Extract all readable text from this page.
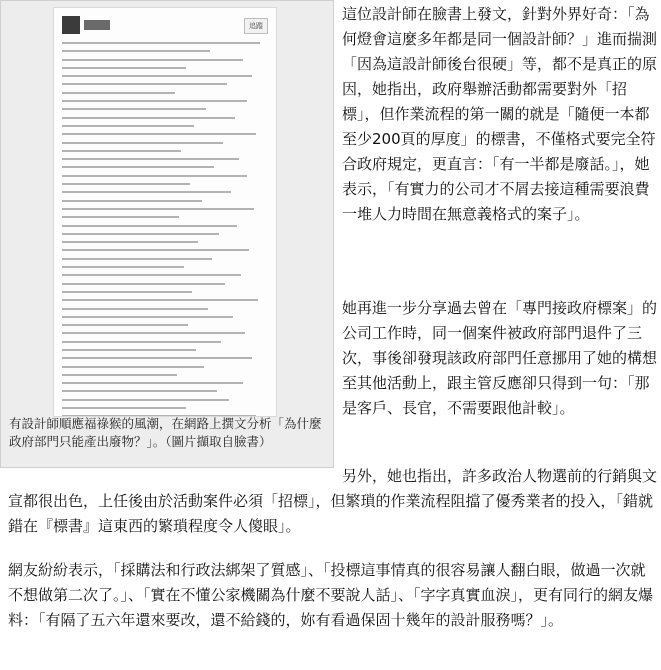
追蹤
有設計師順應福祿猴的風潮，在網路上撰文分析「為什麼政府部門只能產出廢物？」。（圖片擷取自臉書）

這位設計師在臉書上發文，針對外界好奇：「為何燈會這麼多年都是同一個設計師？」進而揣測「因為這設計師後台很硬」等，都不是真正的原因，她指出，政府舉辦活動都需要對外「招標」，但作業流程的第一關的就是「隨便一本都至少200頁的厚度」的標書，不僅格式要完全符合政府規定，更直言：「有一半都是廢話。」，她表示，「有實力的公司才不屑去接這種需要浪費一堆人力時間在無意義格式的案子」。

她再進一步分享過去曾在「專門接政府標案」的公司工作時，同一個案件被政府部門退件了三次，事後卻發現該政府部門任意挪用了她的構想至其他活動上，跟主管反應卻只得到一句：「那是客戶、長官，不需要跟他計較」。

另外，她也指出，許多政治人物選前的行銷與文宣都很出色，上任後由於活動案件必須「招標」，但繁瑣的作業流程阻擋了優秀業者的投入，「錯就錯在『標書』這東西的繁瑣程度令人傻眼」。

網友紛紛表示，「採購法和行政法綁架了質感」、「投標這事情真的很容易讓人翻白眼，做過一次就不想做第二次了。」、「實在不懂公家機關為什麼不要說人話」、「字字真實血淚」，更有同行的網友爆料：「有隔了五六年還來要改，還不給錢的，妳有看過保固十幾年的設計服務嗎？」。
